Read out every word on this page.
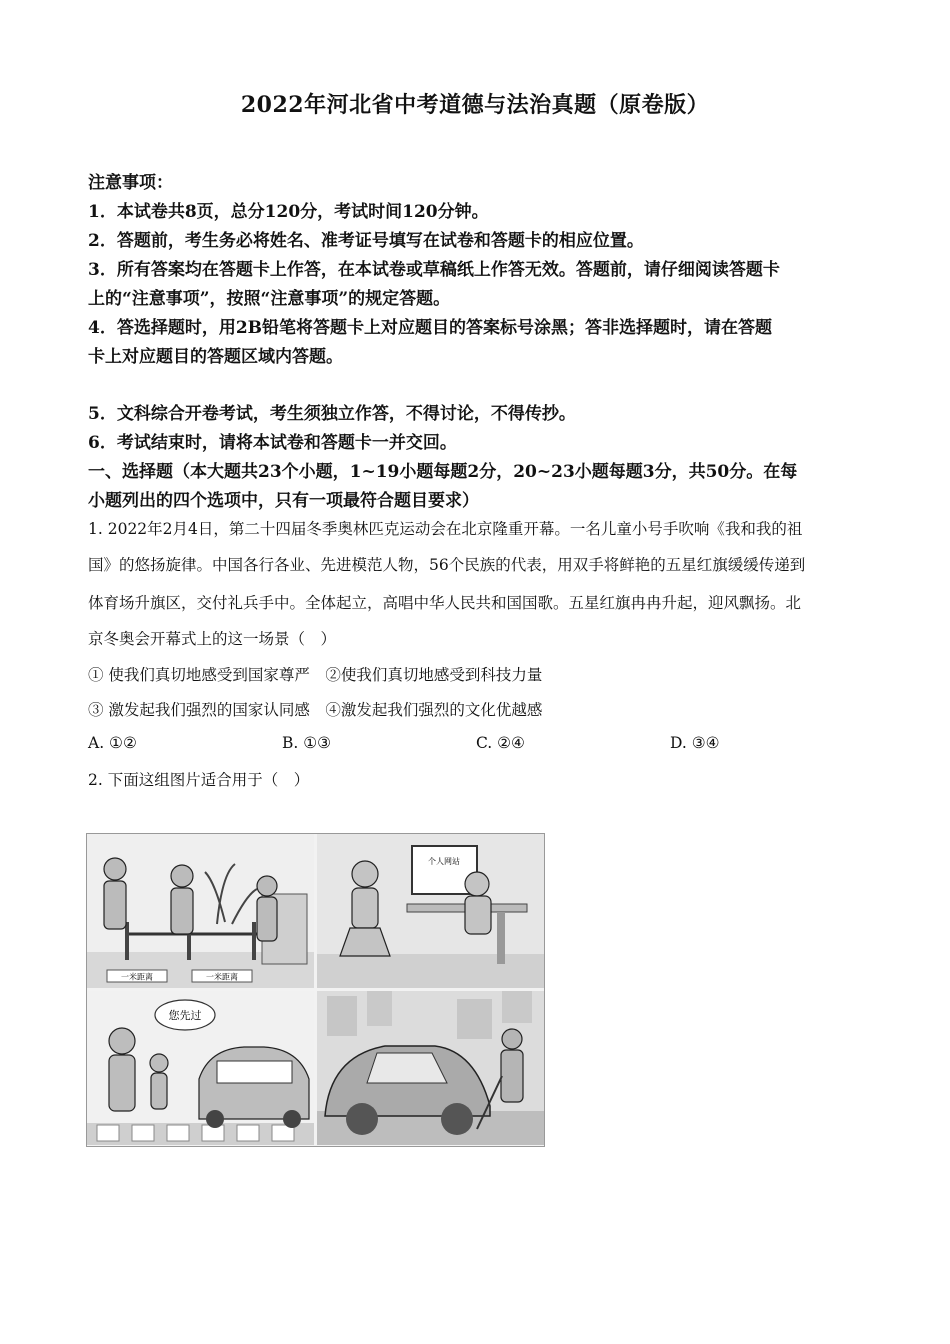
2022年河北省中考道德与法治真题（原卷版）
注意事项：
1．本试卷共8页，总分120分，考试时间120分钟。
2．答题前，考生务必将姓名、准考证号填写在试卷和答题卡的相应位置。
3．所有答案均在答题卡上作答，在本试卷或草稿纸上作答无效。答题前，请仔细阅读答题卡
上的“注意事项”，按照“注意事项”的规定答题。
4．答选择题时，用2B铅笔将答题卡上对应题目的答案标号涂黑；答非选择题时，请在答题
卡上对应题目的答题区域内答题。
5．文科综合开卷考试，考生须独立作答，不得讨论，不得传抄。
6．考试结束时，请将本试卷和答题卡一并交回。
一、选择题（本大题共23个小题，1~19小题每题2分，20~23小题每题3分，共50分。在每
小题列出的四个选项中，只有一项最符合题目要求）
1. 2022年2月4日，第二十四届冬季奥林匹克运动会在北京隆重开幕。一名儿童小号手吹响《我和我的祖
国》的悠扬旋律。中国各行各业、先进模范人物，56个民族的代表，用双手将鲜艳的五星红旗缓缓传递到
体育场升旗区，交付礼兵手中。全体起立，高唱中华人民共和国国歌。五星红旗冉冉升起，迎风飘扬。北
京冬奥会开幕式上的这一场景（　）
① 使我们真切地感受到国家尊严　②使我们真切地感受到科技力量
③ 激发起我们强烈的国家认同感　④激发起我们强烈的文化优越感
A. ①②	B. ①③	C. ②④	D. ③④
2. 下面这组图片适合用于（　）
一米距离	一米距离
个人网站
您先过
